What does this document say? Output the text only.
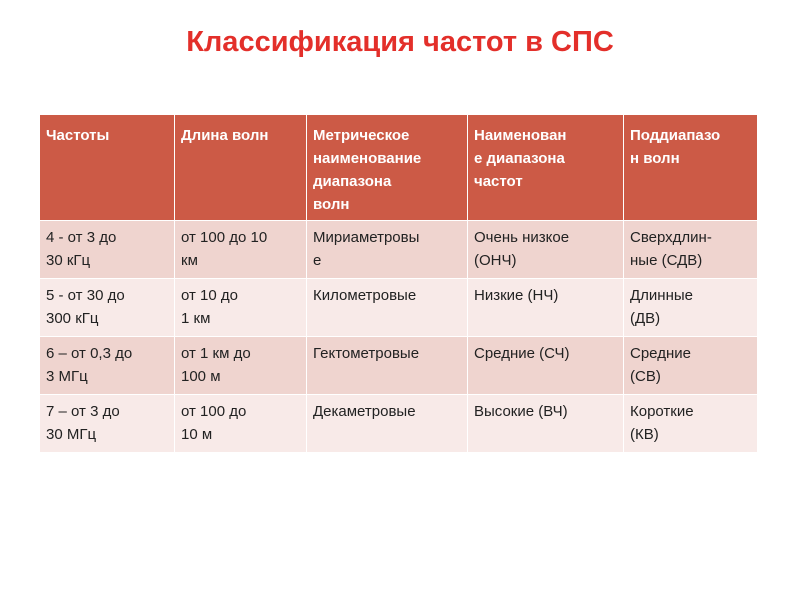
Классификация частот в СПС
Частоты	Длина волн	Метрическое
наименование
диапазона
волн	Наименован
е диапазона
частот	Поддиапазо
н волн

4 - от 3 до
30 кГц	от 100 до 10
км	Мириаметровы
е	Очень низкое
(ОНЧ)	Сверхдлин-
ные (СДВ)

5 - от 30 до
300 кГц	от 10 до
1 км	Километровые	Низкие (НЧ)	Длинные
(ДВ)

6 – от 0,3 до
3 МГц	от 1 км до
100 м	Гектометровые	Средние (СЧ)	Средние
(СВ)

7 – от 3 до
30 МГц	от 100 до
10 м	Декаметровые	Высокие (ВЧ)	Короткие
(КВ)
